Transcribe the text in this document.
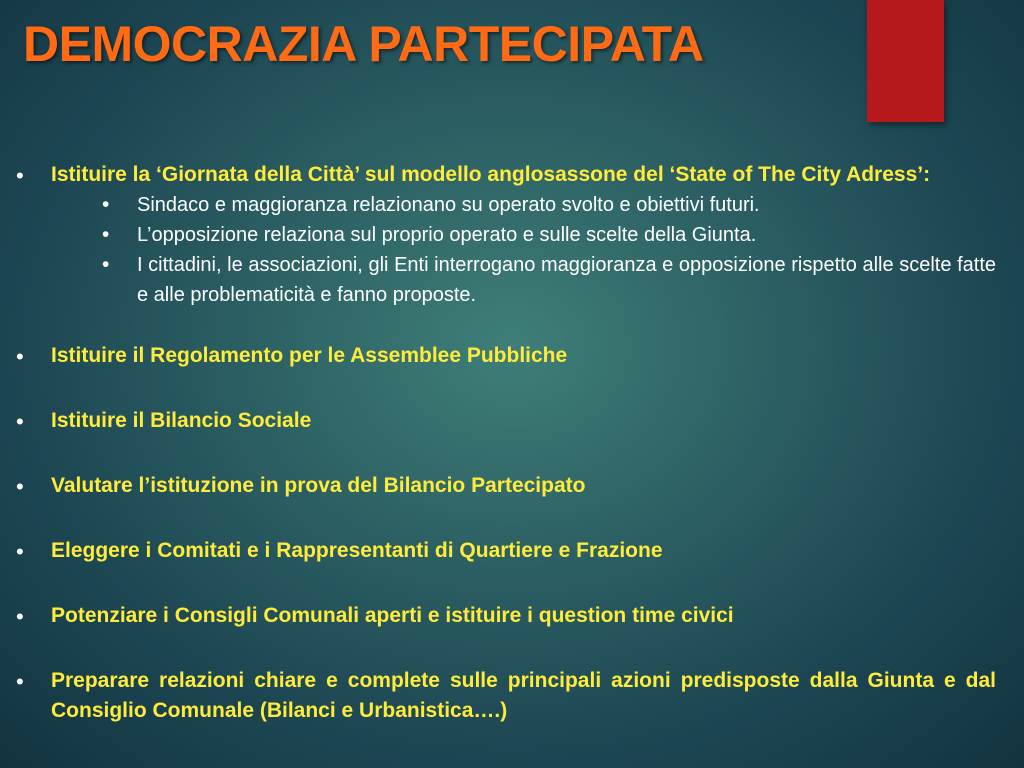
DEMOCRAZIA PARTECIPATA
• Istituire la ‘Giornata della Città’ sul modello anglosassone del ‘State of The City Adress’:
• Sindaco e maggioranza relazionano su operato svolto e obiettivi futuri.
• L’opposizione relaziona sul proprio operato e sulle scelte della Giunta.
• I cittadini, le associazioni, gli Enti interrogano maggioranza e opposizione rispetto alle scelte fatte e alle problematicità e fanno proposte.
• Istituire il Regolamento per le Assemblee Pubbliche
• Istituire il Bilancio Sociale
• Valutare l’istituzione in prova del Bilancio Partecipato
• Eleggere i Comitati e i Rappresentanti di Quartiere e Frazione
• Potenziare i Consigli Comunali aperti e istituire i question time civici
• Preparare relazioni chiare e complete sulle principali azioni predisposte dalla Giunta e dal Consiglio Comunale (Bilanci e Urbanistica….)
